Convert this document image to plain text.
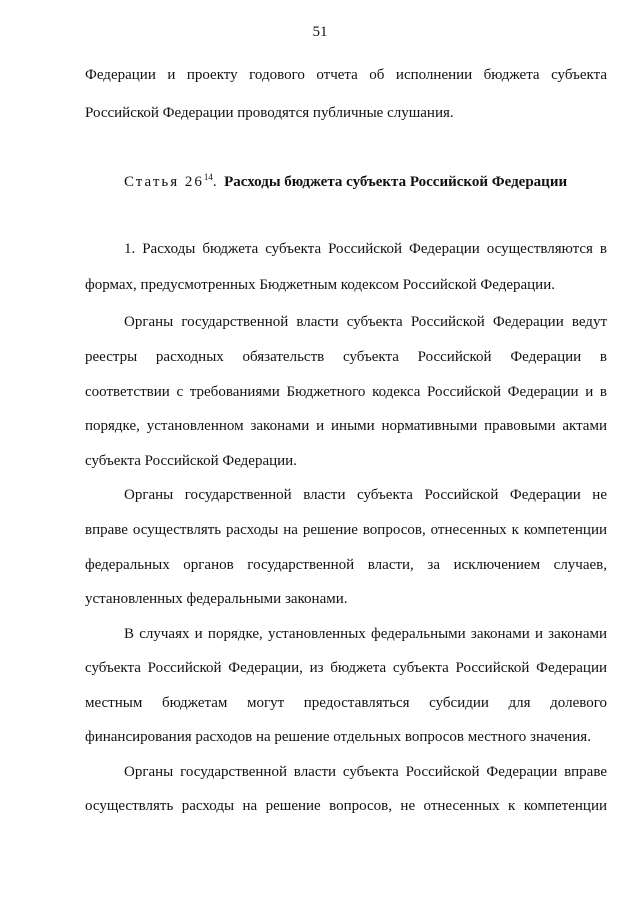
51
Федерации и проекту годового отчета об исполнении бюджета субъекта
Российской Федерации проводятся публичные слушания.
Статья $26^{14}$. Расходы бюджета субъекта Российской Федерации
1. Расходы бюджета субъекта Российской Федерации осуществляются в
формах, предусмотренных Бюджетным кодексом Российской Федерации.
Органы государственной власти субъекта Российской Федерации ведут
реестры расходных обязательств субъекта Российской Федерации в
соответствии с требованиями Бюджетного кодекса Российской Федерации и в
порядке, установленном законами и иными нормативными правовыми актами
субъекта Российской Федерации.
Органы государственной власти субъекта Российской Федерации не
вправе осуществлять расходы на решение вопросов, отнесенных к компетенции
федеральных органов государственной власти, за исключением случаев,
установленных федеральными законами.
В случаях и порядке, установленных федеральными законами и законами
субъекта Российской Федерации, из бюджета субъекта Российской Федерации
местным бюджетам могут предоставляться субсидии для долевого
финансирования расходов на решение отдельных вопросов местного значения.
Органы государственной власти субъекта Российской Федерации вправе
осуществлять расходы на решение вопросов, не отнесенных к компетенции
